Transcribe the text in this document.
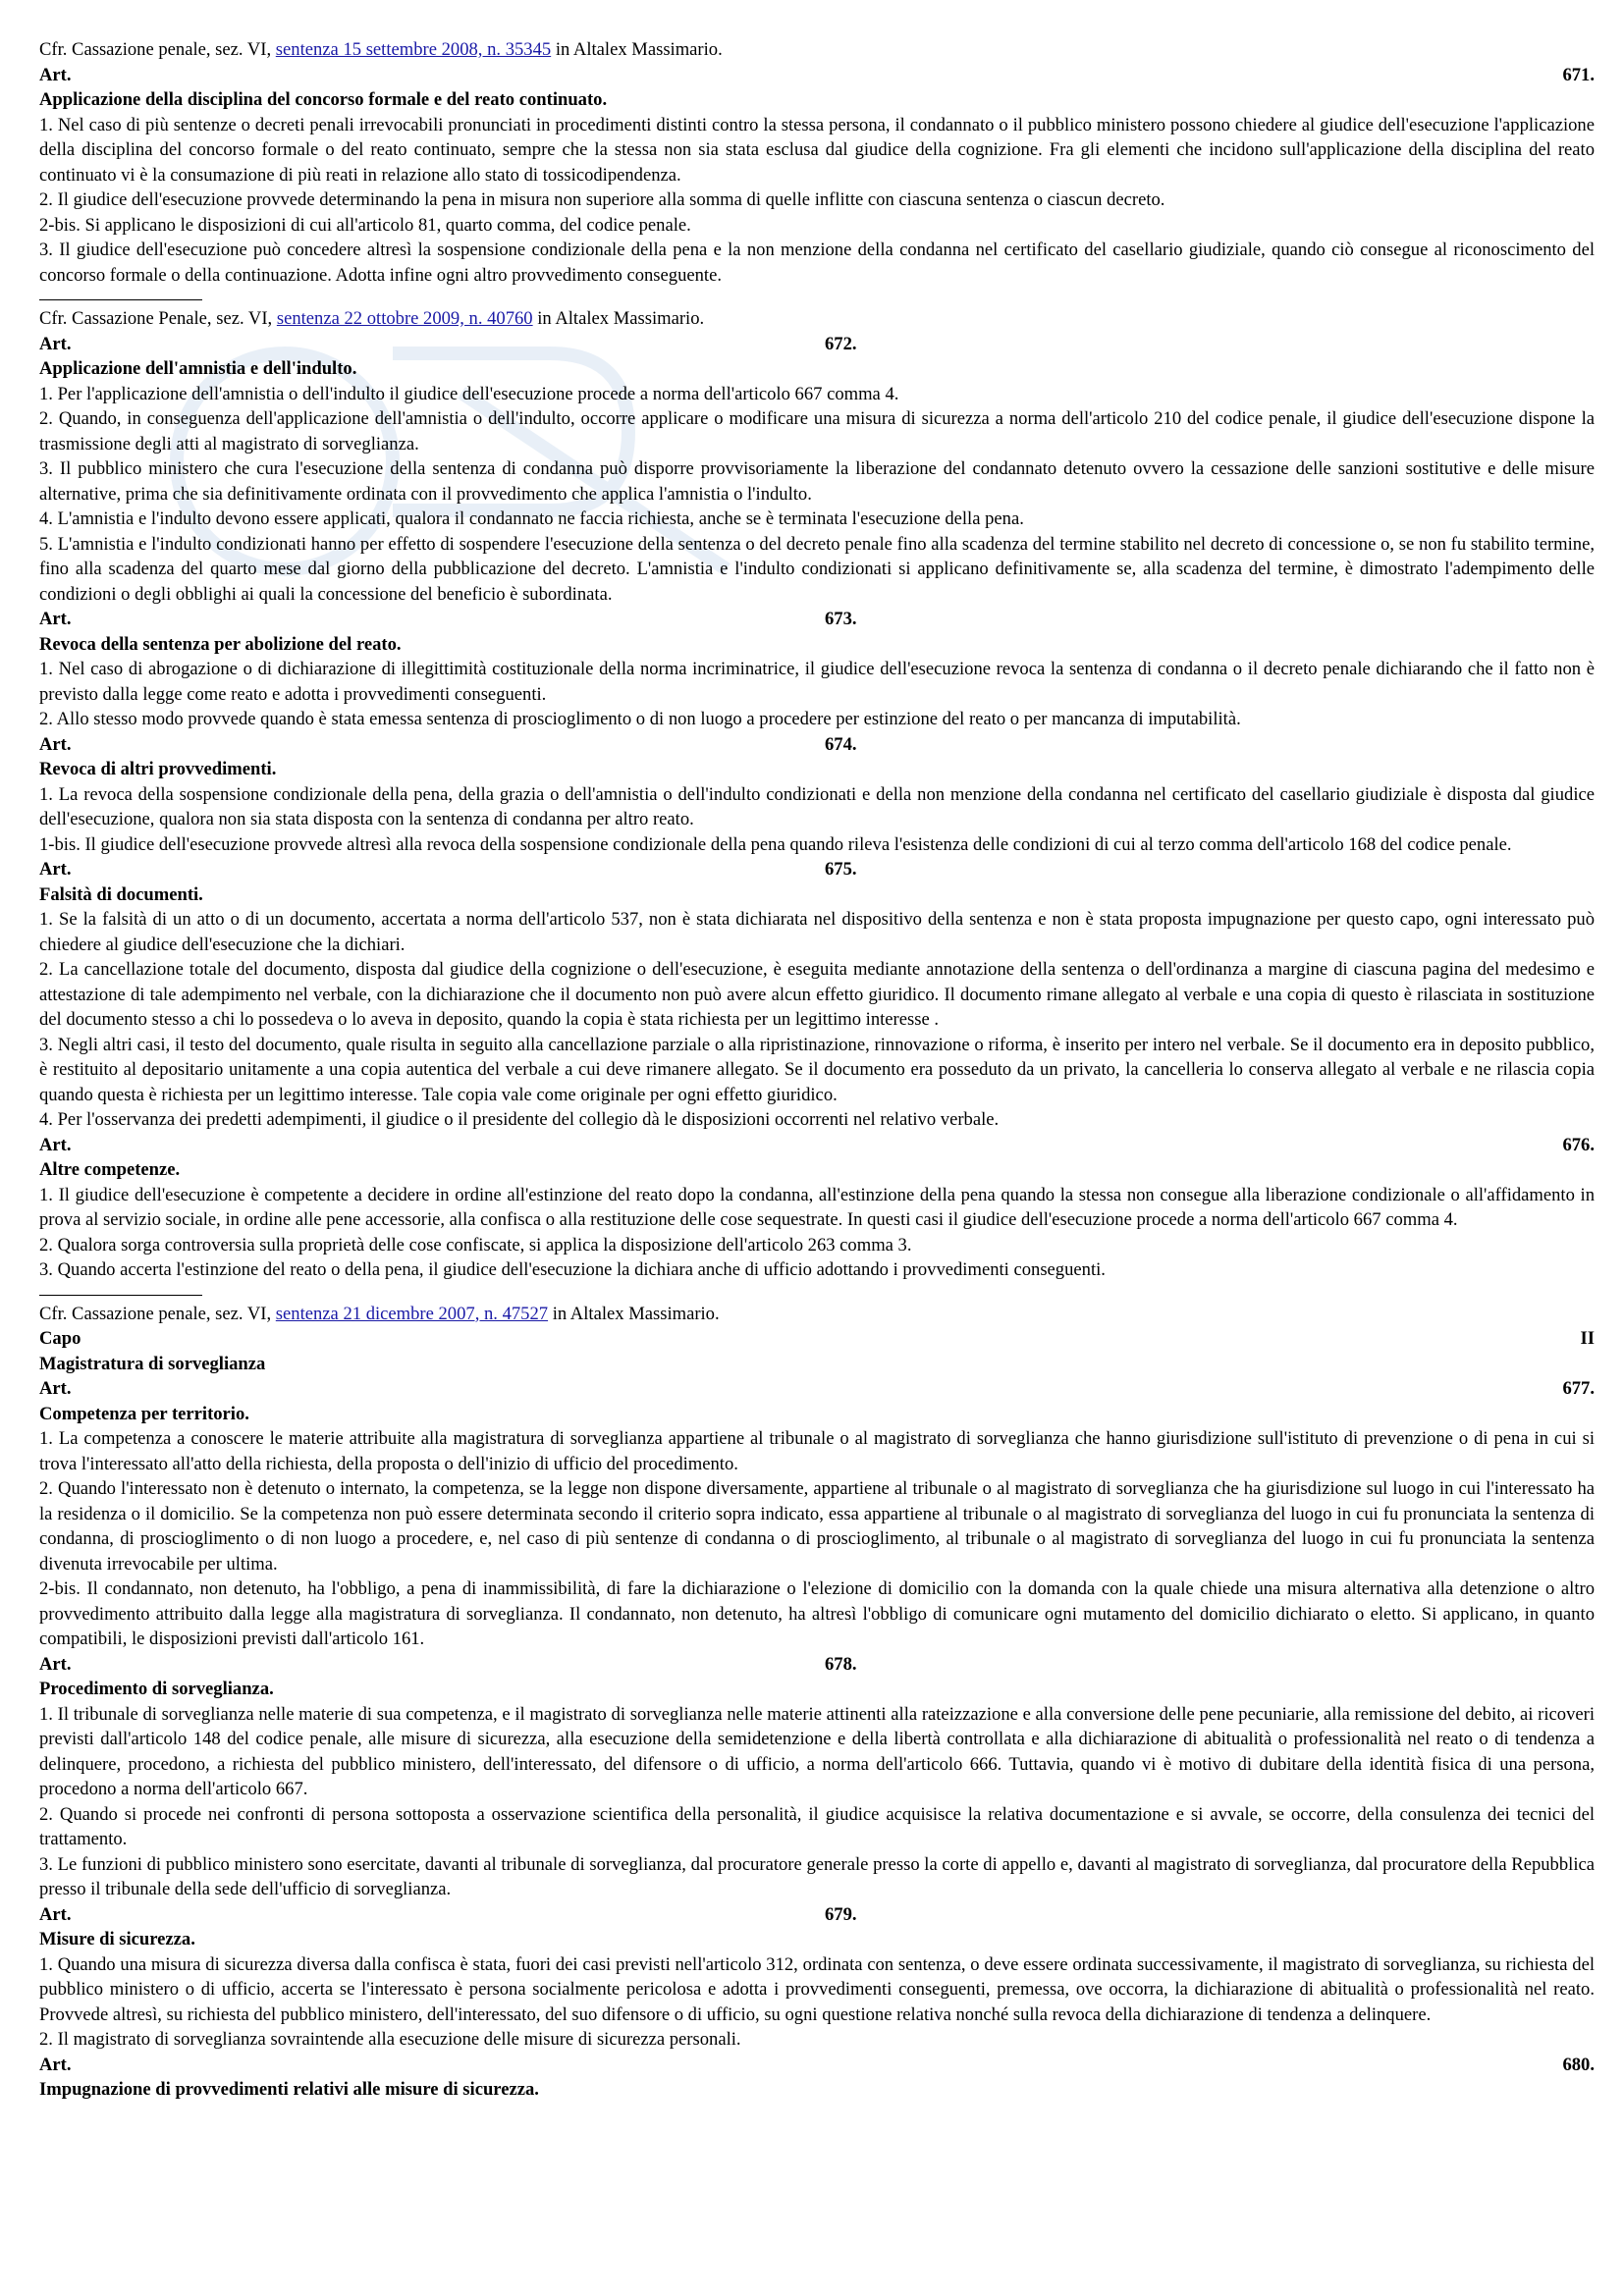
Cfr. Cassazione penale, sez. VI, sentenza 15 settembre 2008, n. 35345 in Altalex Massimario.
Art.	671.
Applicazione della disciplina del concorso formale e del reato continuato.

1. Nel caso di più sentenze o decreti penali irrevocabili pronunciati in procedimenti distinti contro la stessa persona, il condannato o il pubblico ministero possono chiedere al giudice dell'esecuzione l'applicazione della disciplina del concorso formale o del reato continuato, sempre che la stessa non sia stata esclusa dal giudice della cognizione. Fra gli elementi che incidono sull'applicazione della disciplina del reato continuato vi è la consumazione di più reati in relazione allo stato di tossicodipendenza.

2. Il giudice dell'esecuzione provvede determinando la pena in misura non superiore alla somma di quelle inflitte con ciascuna sentenza o ciascun decreto.

2-bis. Si applicano le disposizioni di cui all'articolo 81, quarto comma, del codice penale.

3. Il giudice dell'esecuzione può concedere altresì la sospensione condizionale della pena e la non menzione della condanna nel certificato del casellario giudiziale, quando ciò consegue al riconoscimento del concorso formale o della continuazione. Adotta infine ogni altro provvedimento conseguente.

Cfr. Cassazione Penale, sez. VI, sentenza 22 ottobre 2009, n. 40760 in Altalex Massimario.
Art.	672.
Applicazione dell'amnistia e dell'indulto.

1. Per l'applicazione dell'amnistia o dell'indulto il giudice dell'esecuzione procede a norma dell'articolo 667 comma 4.

2. Quando, in conseguenza dell'applicazione dell'amnistia o dell'indulto, occorre applicare o modificare una misura di sicurezza a norma dell'articolo 210 del codice penale, il giudice dell'esecuzione dispone la trasmissione degli atti al magistrato di sorveglianza.

3. Il pubblico ministero che cura l'esecuzione della sentenza di condanna può disporre provvisoriamente la liberazione del condannato detenuto ovvero la cessazione delle sanzioni sostitutive e delle misure alternative, prima che sia definitivamente ordinata con il provvedimento che applica l'amnistia o l'indulto.

4. L'amnistia e l'indulto devono essere applicati, qualora il condannato ne faccia richiesta, anche se è terminata l'esecuzione della pena.

5. L'amnistia e l'indulto condizionati hanno per effetto di sospendere l'esecuzione della sentenza o del decreto penale fino alla scadenza del termine stabilito nel decreto di concessione o, se non fu stabilito termine, fino alla scadenza del quarto mese dal giorno della pubblicazione del decreto. L'amnistia e l'indulto condizionati si applicano definitivamente se, alla scadenza del termine, è dimostrato l'adempimento delle condizioni o degli obblighi ai quali la concessione del beneficio è subordinata.

Art.	673.
Revoca della sentenza per abolizione del reato.

1. Nel caso di abrogazione o di dichiarazione di illegittimità costituzionale della norma incriminatrice, il giudice dell'esecuzione revoca la sentenza di condanna o il decreto penale dichiarando che il fatto non è previsto dalla legge come reato e adotta i provvedimenti conseguenti.

2. Allo stesso modo provvede quando è stata emessa sentenza di proscioglimento o di non luogo a procedere per estinzione del reato o per mancanza di imputabilità.

Art.	674.
Revoca di altri provvedimenti.

1. La revoca della sospensione condizionale della pena, della grazia o dell'amnistia o dell'indulto condizionati e della non menzione della condanna nel certificato del casellario giudiziale è disposta dal giudice dell'esecuzione, qualora non sia stata disposta con la sentenza di condanna per altro reato.

1-bis. Il giudice dell'esecuzione provvede altresì alla revoca della sospensione condizionale della pena quando rileva l'esistenza delle condizioni di cui al terzo comma dell'articolo 168 del codice penale.

Art.	675.
Falsità di documenti.

1. Se la falsità di un atto o di un documento, accertata a norma dell'articolo 537, non è stata dichiarata nel dispositivo della sentenza e non è stata proposta impugnazione per questo capo, ogni interessato può chiedere al giudice dell'esecuzione che la dichiari.

2. La cancellazione totale del documento, disposta dal giudice della cognizione o dell'esecuzione, è eseguita mediante annotazione della sentenza o dell'ordinanza a margine di ciascuna pagina del medesimo e attestazione di tale adempimento nel verbale, con la dichiarazione che il documento non può avere alcun effetto giuridico. Il documento rimane allegato al verbale e una copia di questo è rilasciata in sostituzione del documento stesso a chi lo possedeva o lo aveva in deposito, quando la copia è stata richiesta per un legittimo interesse .

3. Negli altri casi, il testo del documento, quale risulta in seguito alla cancellazione parziale o alla ripristinazione, rinnovazione o riforma, è inserito per intero nel verbale. Se il documento era in deposito pubblico, è restituito al depositario unitamente a una copia autentica del verbale a cui deve rimanere allegato. Se il documento era posseduto da un privato, la cancelleria lo conserva allegato al verbale e ne rilascia copia quando questa è richiesta per un legittimo interesse. Tale copia vale come originale per ogni effetto giuridico.

4. Per l'osservanza dei predetti adempimenti, il giudice o il presidente del collegio dà le disposizioni occorrenti nel relativo verbale.

Art.	676.
Altre competenze.

1. Il giudice dell'esecuzione è competente a decidere in ordine all'estinzione del reato dopo la condanna, all'estinzione della pena quando la stessa non consegue alla liberazione condizionale o all'affidamento in prova al servizio sociale, in ordine alle pene accessorie, alla confisca o alla restituzione delle cose sequestrate. In questi casi il giudice dell'esecuzione procede a norma dell'articolo 667 comma 4.

2. Qualora sorga controversia sulla proprietà delle cose confiscate, si applica la disposizione dell'articolo 263 comma 3.

3. Quando accerta l'estinzione del reato o della pena, il giudice dell'esecuzione la dichiara anche di ufficio adottando i provvedimenti conseguenti.

Cfr. Cassazione penale, sez. VI, sentenza 21 dicembre 2007, n. 47527 in Altalex Massimario.
Capo	II
Magistratura di sorveglianza
Art.	677.
Competenza per territorio.

1. La competenza a conoscere le materie attribuite alla magistratura di sorveglianza appartiene al tribunale o al magistrato di sorveglianza che hanno giurisdizione sull'istituto di prevenzione o di pena in cui si trova l'interessato all'atto della richiesta, della proposta o dell'inizio di ufficio del procedimento.

2. Quando l'interessato non è detenuto o internato, la competenza, se la legge non dispone diversamente, appartiene al tribunale o al magistrato di sorveglianza che ha giurisdizione sul luogo in cui l'interessato ha la residenza o il domicilio. Se la competenza non può essere determinata secondo il criterio sopra indicato, essa appartiene al tribunale o al magistrato di sorveglianza del luogo in cui fu pronunciata la sentenza di condanna, di proscioglimento o di non luogo a procedere, e, nel caso di più sentenze di condanna o di proscioglimento, al tribunale o al magistrato di sorveglianza del luogo in cui fu pronunciata la sentenza divenuta irrevocabile per ultima.

2-bis. Il condannato, non detenuto, ha l'obbligo, a pena di inammissibilità, di fare la dichiarazione o l'elezione di domicilio con la domanda con la quale chiede una misura alternativa alla detenzione o altro provvedimento attribuito dalla legge alla magistratura di sorveglianza. Il condannato, non detenuto, ha altresì l'obbligo di comunicare ogni mutamento del domicilio dichiarato o eletto. Si applicano, in quanto compatibili, le disposizioni previsti dall'articolo 161.

Art.	678.
Procedimento di sorveglianza.

1. Il tribunale di sorveglianza nelle materie di sua competenza, e il magistrato di sorveglianza nelle materie attinenti alla rateizzazione e alla conversione delle pene pecuniarie, alla remissione del debito, ai ricoveri previsti dall'articolo 148 del codice penale, alle misure di sicurezza, alla esecuzione della semidetenzione e della libertà controllata e alla dichiarazione di abitualità o professionalità nel reato o di tendenza a delinquere, procedono, a richiesta del pubblico ministero, dell'interessato, del difensore o di ufficio, a norma dell'articolo 666. Tuttavia, quando vi è motivo di dubitare della identità fisica di una persona, procedono a norma dell'articolo 667.

2. Quando si procede nei confronti di persona sottoposta a osservazione scientifica della personalità, il giudice acquisisce la relativa documentazione e si avvale, se occorre, della consulenza dei tecnici del trattamento.

3. Le funzioni di pubblico ministero sono esercitate, davanti al tribunale di sorveglianza, dal procuratore generale presso la corte di appello e, davanti al magistrato di sorveglianza, dal procuratore della Repubblica presso il tribunale della sede dell'ufficio di sorveglianza.

Art.	679.
Misure di sicurezza.

1. Quando una misura di sicurezza diversa dalla confisca è stata, fuori dei casi previsti nell'articolo 312, ordinata con sentenza, o deve essere ordinata successivamente, il magistrato di sorveglianza, su richiesta del pubblico ministero o di ufficio, accerta se l'interessato è persona socialmente pericolosa e adotta i provvedimenti conseguenti, premessa, ove occorra, la dichiarazione di abitualità o professionalità nel reato. Provvede altresì, su richiesta del pubblico ministero, dell'interessato, del suo difensore o di ufficio, su ogni questione relativa nonché sulla revoca della dichiarazione di tendenza a delinquere.

2. Il magistrato di sorveglianza sovraintende alla esecuzione delle misure di sicurezza personali.

Art.	680.
Impugnazione di provvedimenti relativi alle misure di sicurezza.
